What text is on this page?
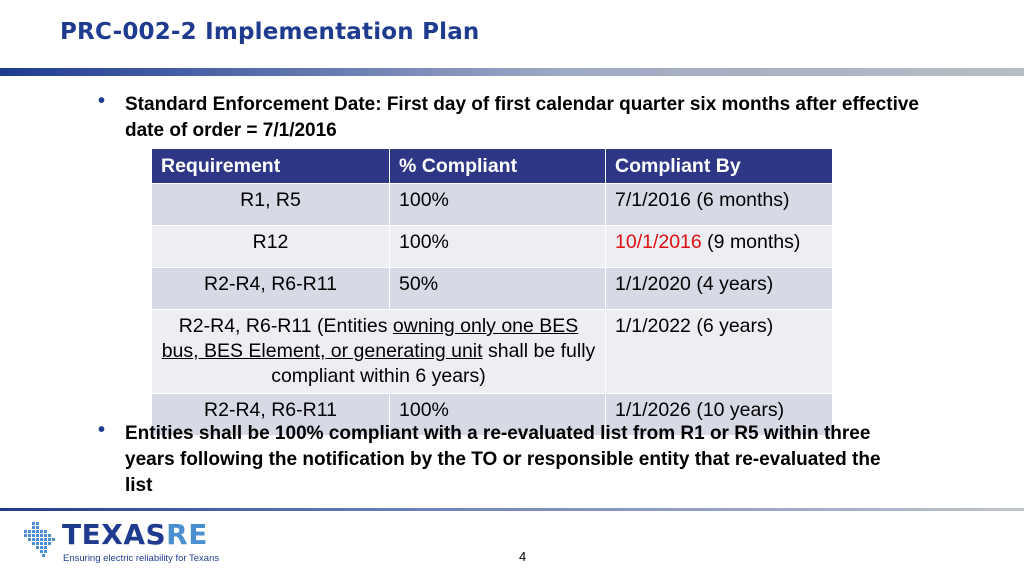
PRC-002-2 Implementation Plan
• Standard Enforcement Date: First day of first calendar quarter six months after effective date of order = 7/1/2016
Requirement	% Compliant	Compliant By
R1, R5	100%	7/1/2016 (6 months)
R12	100%	10/1/2016 (9 months)
R2-R4, R6-R11	50%	1/1/2020 (4 years)
R2-R4, R6-R11 (Entities owning only one BES bus, BES Element, or generating unit shall be fully compliant within 6 years)		1/1/2022 (6 years)
R2-R4, R6-R11	100%	1/1/2026 (10 years)
• Entities shall be 100% compliant with a re-evaluated list from R1 or R5 within three years following the notification by the TO or responsible entity that re-evaluated the list
TEXASRE
Ensuring electric reliability for Texans	4
